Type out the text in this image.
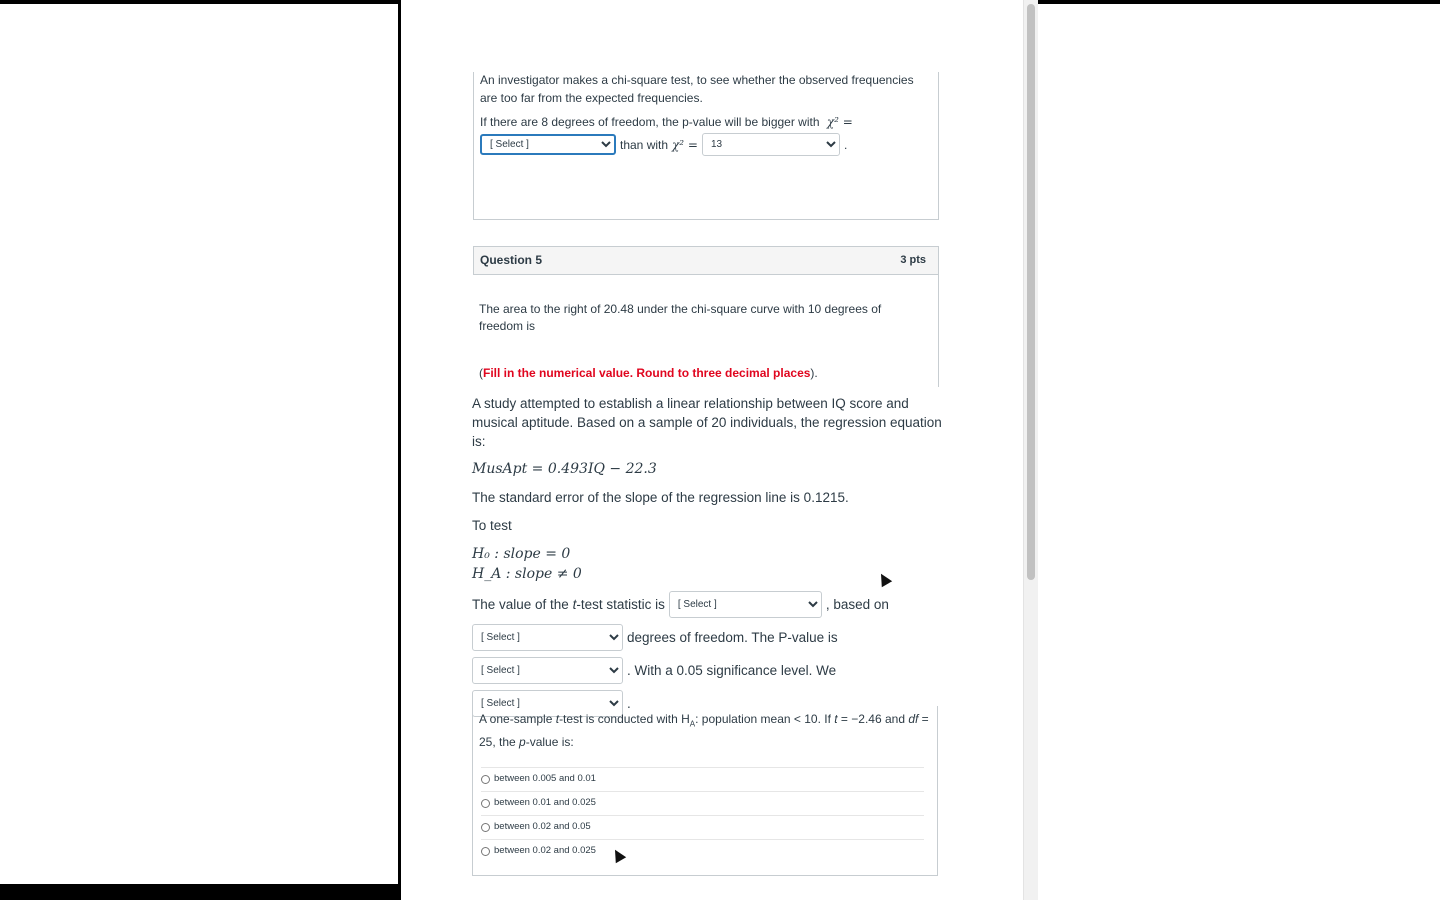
An investigator makes a chi-square test, to see whether the observed frequencies are too far from the expected frequencies.

If there are 8 degrees of freedom, the p-value will be bigger with χ² =

[ Select ]
than with χ² =
13	.
Question 5	3 pts

The area to the right of 20.48 under the chi-square curve with 10 degrees of freedom is

(Fill in the numerical value. Round to three decimal places).

A study attempted to establish a linear relationship between IQ score and musical aptitude. Based on a sample of 20 individuals, the regression equation is:

MusApt = 0.493IQ − 22.3

The standard error of the slope of the regression line is 0.1215.

To test

H₀ : slope = 0

H_A : slope ≠ 0

The value of the t-test statistic is
[ Select ]	, based on
[ Select ]
degrees of freedom. The P-value is
[ Select ]
. With a 0.05 significance level. We
[ Select ]
.
A one-sample t-test is conducted with $H_A$: population mean < 10. If t = −2.46 and df = 25, the p-value is:
between 0.005 and 0.01
between 0.01 and 0.025
between 0.02 and 0.05
between 0.02 and 0.025
